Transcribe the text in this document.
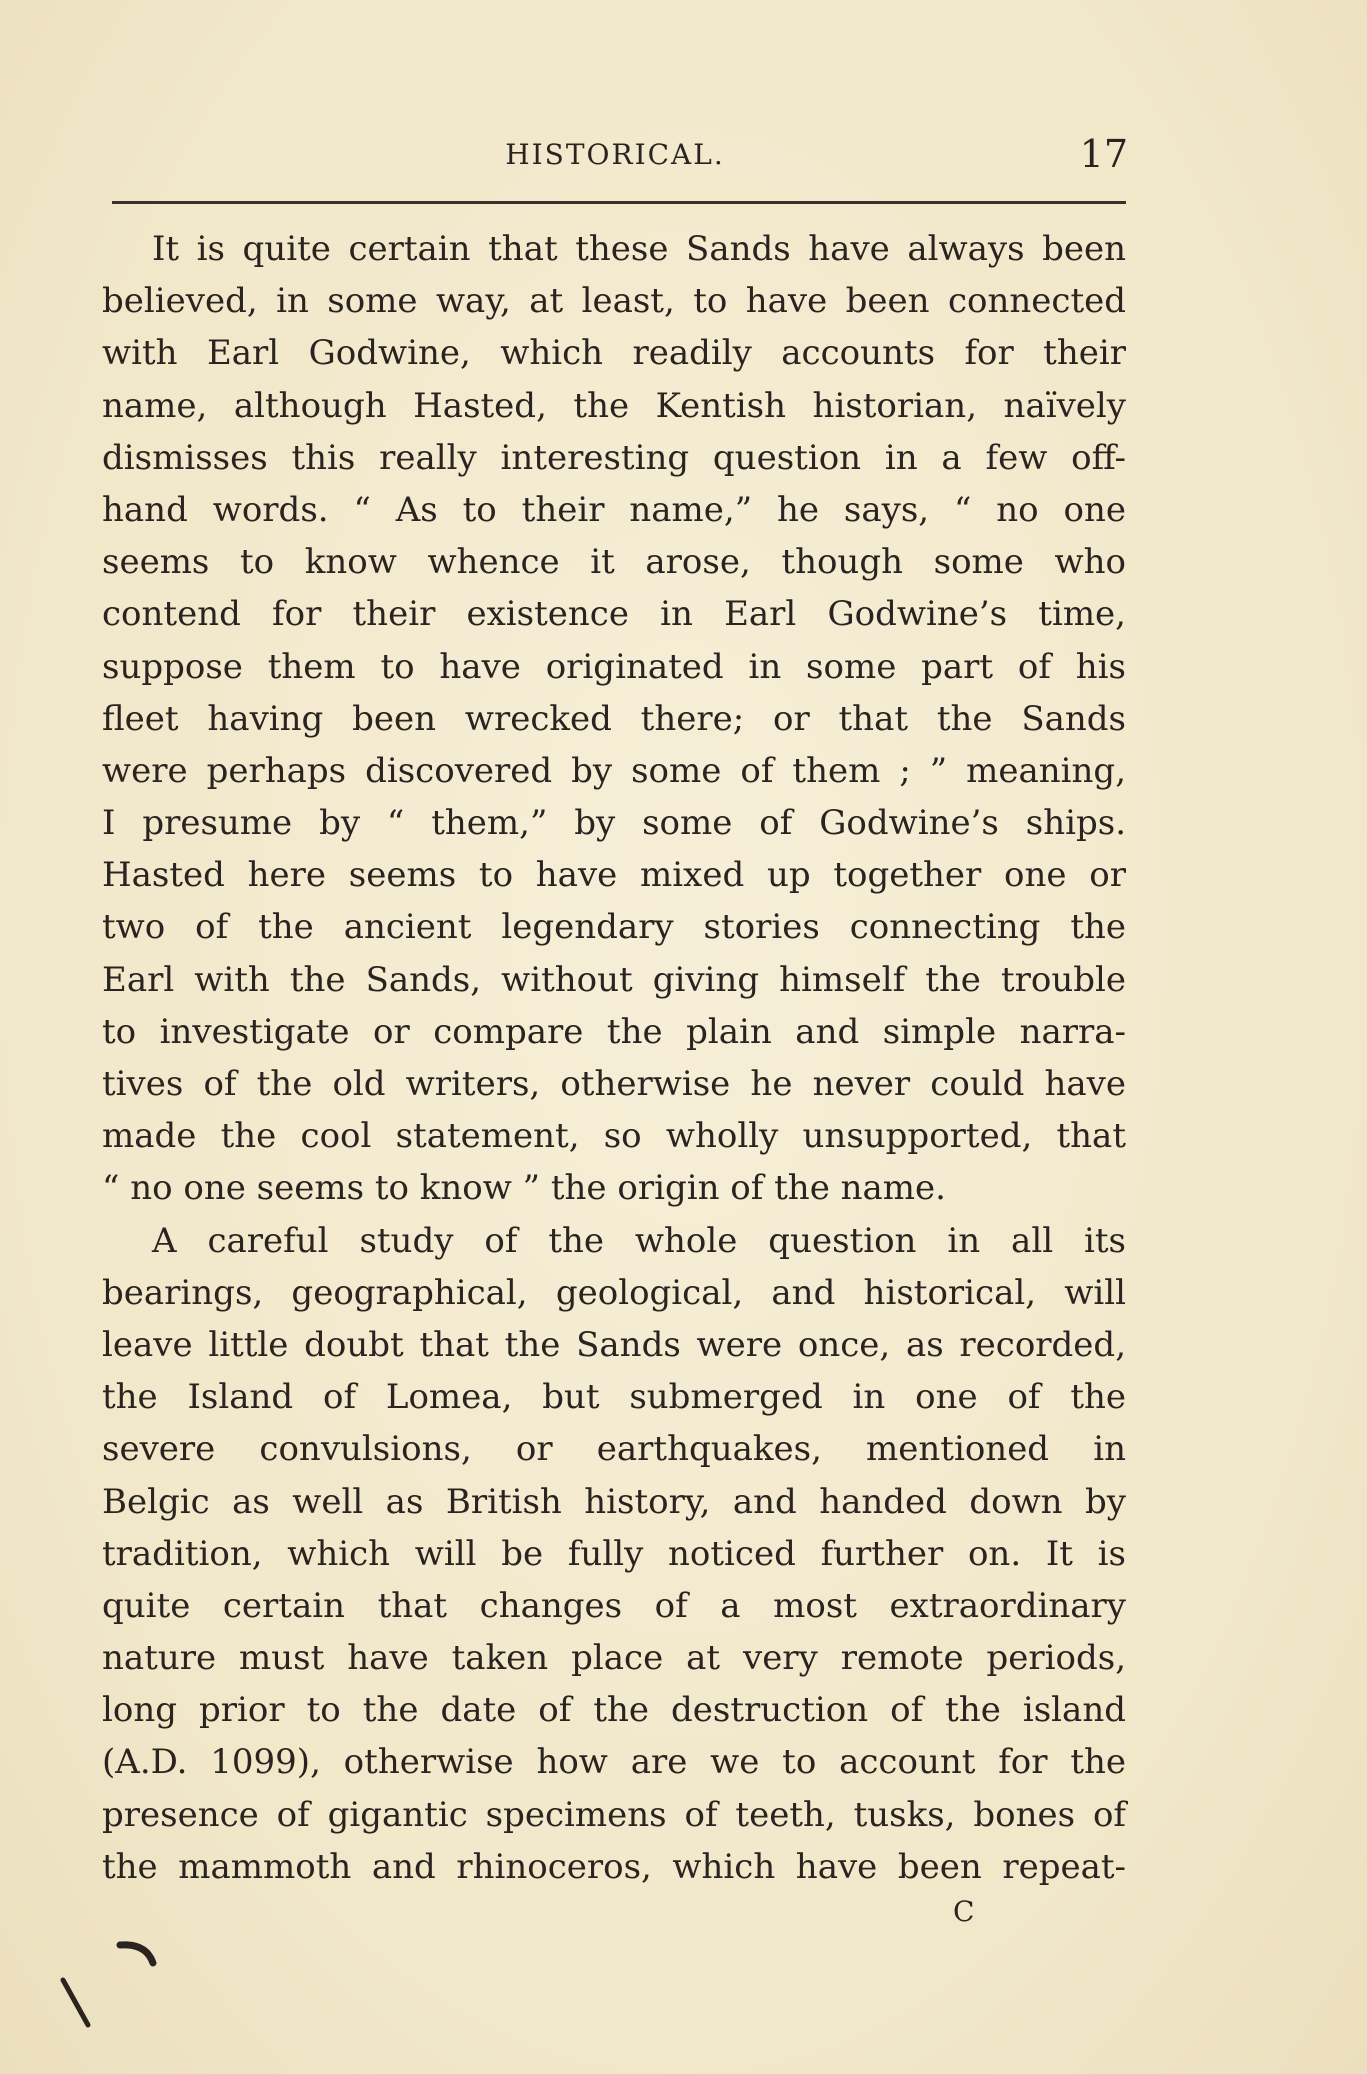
HISTORICAL.	17
It is quite certain that these Sands have always been
believed, in some way, at least, to have been connected
with Earl Godwine, which readily accounts for their
name, although Hasted, the Kentish historian, naïvely
dismisses this really interesting question in a few off-
hand words. “ As to their name,” he says, “ no one
seems to know whence it arose, though some who
contend for their existence in Earl Godwine’s time,
suppose them to have originated in some part of his
fleet having been wrecked there; or that the Sands
were perhaps discovered by some of them ; ” meaning,
I presume by “ them,” by some of Godwine’s ships.
Hasted here seems to have mixed up together one or
two of the ancient legendary stories connecting the
Earl with the Sands, without giving himself the trouble
to investigate or compare the plain and simple narra-
tives of the old writers, otherwise he never could have
made the cool statement, so wholly unsupported, that
“ no one seems to know ” the origin of the name.
A careful study of the whole question in all its
bearings, geographical, geological, and historical, will
leave little doubt that the Sands were once, as recorded,
the Island of Lomea, but submerged in one of the
severe convulsions, or earthquakes, mentioned in
Belgic as well as British history, and handed down by
tradition, which will be fully noticed further on. It is
quite certain that changes of a most extraordinary
nature must have taken place at very remote periods,
long prior to the date of the destruction of the island
(A.D. 1099), otherwise how are we to account for the
presence of gigantic specimens of teeth, tusks, bones of
the mammoth and rhinoceros, which have been repeat-
C
